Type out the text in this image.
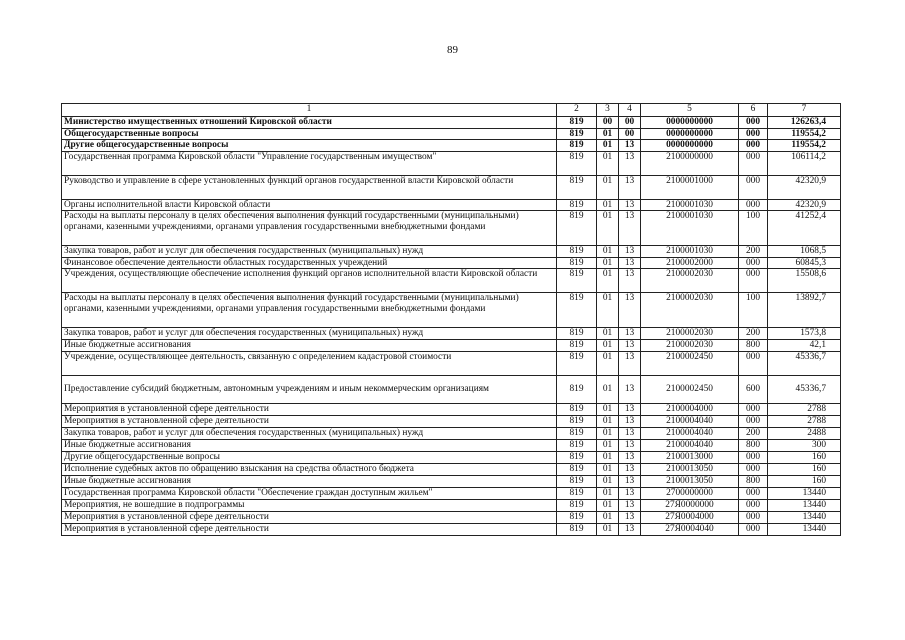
89
1	2	3	4	5	6	7
Министерство имущественных отношений Кировской области	819	00	00	0000000000	000	126263,4
Общегосударственные вопросы	819	01	00	0000000000	000	119554,2
Другие общегосударственные вопросы	819	01	13	0000000000	000	119554,2
Государственная программа Кировской области "Управление государственным имуществом"	819	01	13	2100000000	000	106114,2
Руководство и управление в сфере установленных функций органов государственной власти Кировской области	819	01	13	2100001000	000	42320,9
Органы исполнительной власти Кировской области	819	01	13	2100001030	000	42320,9
Расходы на выплаты персоналу в целях обеспечения выполнения функций государственными (муниципальными) органами, казенными учреждениями, органами управления государственными внебюджетными фондами	819	01	13	2100001030	100	41252,4
Закупка товаров, работ и услуг для обеспечения государственных (муниципальных) нужд	819	01	13	2100001030	200	1068,5
Финансовое обеспечение деятельности областных государственных учреждений	819	01	13	2100002000	000	60845,3
Учреждения, осуществляющие обеспечение исполнения функций органов исполнительной власти Кировской области	819	01	13	2100002030	000	15508,6
Расходы на выплаты персоналу в целях обеспечения выполнения функций государственными (муниципальными) органами, казенными учреждениями, органами управления государственными внебюджетными фондами	819	01	13	2100002030	100	13892,7
Закупка товаров, работ и услуг для обеспечения государственных (муниципальных) нужд	819	01	13	2100002030	200	1573,8
Иные бюджетные ассигнования	819	01	13	2100002030	800	42,1
Учреждение, осуществляющее деятельность, связанную с определением кадастровой стоимости	819	01	13	2100002450	000	45336,7
Предоставление субсидий бюджетным, автономным учреждениям и иным некоммерческим организациям	819	01	13	2100002450	600	45336,7
Мероприятия в установленной сфере деятельности	819	01	13	2100004000	000	2788
Мероприятия в установленной сфере деятельности	819	01	13	2100004040	000	2788
Закупка товаров, работ и услуг для обеспечения государственных (муниципальных) нужд	819	01	13	2100004040	200	2488
Иные бюджетные ассигнования	819	01	13	2100004040	800	300
Другие общегосударственные вопросы	819	01	13	2100013000	000	160
Исполнение судебных актов по обращению взыскания на средства областного бюджета	819	01	13	2100013050	000	160
Иные бюджетные ассигнования	819	01	13	2100013050	800	160
Государственная программа Кировской области "Обеспечение граждан доступным жильем"	819	01	13	2700000000	000	13440
Мероприятия, не вошедшие в подпрограммы	819	01	13	27Я0000000	000	13440
Мероприятия в установленной сфере деятельности	819	01	13	27Я0004000	000	13440
Мероприятия в установленной сфере деятельности	819	01	13	27Я0004040	000	13440
